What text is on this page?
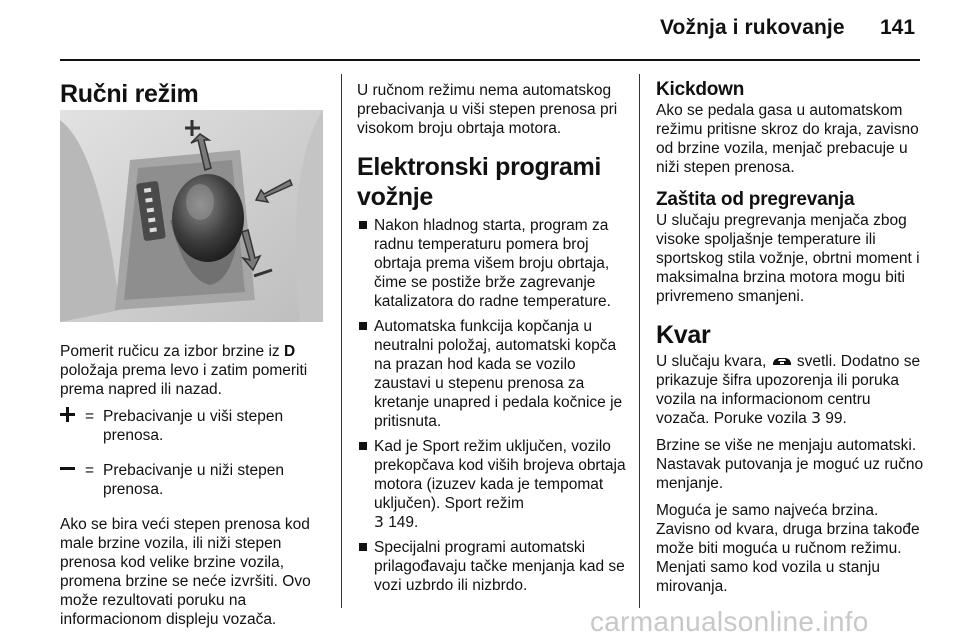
Vožnja i rukovanje 141
Ručni režim

Pomerit ručicu za izbor brzine iz D položaja prema levo i zatim pomeriti prema napred ili nazad.

= Prebacivanje u viši stepen prenosa.
= Prebacivanje u niži stepen prenosa.

Ako se bira veći stepen prenosa kod male brzine vozila, ili niži stepen prenosa kod velike brzine vozila, promena brzine se neće izvršiti. Ovo može rezultovati poruku na informacionom displeju vozača.

U ručnom režimu nema automatskog prebacivanja u viši stepen prenosa pri visokom broju obrtaja motora.

Elektronski programi vožnje
Nakon hladnog starta, program za radnu temperaturu pomera broj obrtaja prema višem broju obrtaja, čime se postiže brže zagrevanje katalizatora do radne temperature.
Automatska funkcija kopčanja u neutralni položaj, automatski kopča na prazan hod kada se vozilo zaustavi u stepenu prenosa za kretanje unapred i pedala kočnice je pritisnuta.
Kad je Sport režim uključen, vozilo prekopčava kod viših brojeva obrtaja motora (izuzev kada je tempomat uključen). Sport režim
3 149.
Specijalni programi automatski prilagođavaju tačke menjanja kad se vozi uzbrdo ili nizbrdo.
Kickdown

Ako se pedala gasa u automatskom režimu pritisne skroz do kraja, zavisno od brzine vozila, menjač prebacuje u niži stepen prenosa.

Zaštita od pregrevanja

U slučaju pregrevanja menjača zbog visoke spoljašnje temperature ili sportskog stila vožnje, obrtni moment i maksimalna brzina motora mogu biti privremeno smanjeni.

Kvar

U slučaju kvara,  svetli. Dodatno se prikazuje šifra upozorenja ili poruka vozila na informacionom centru vozača. Poruke vozila 3 99.

Brzine se više ne menjaju automatski. Nastavak putovanja je moguć uz ručno menjanje.

Moguća je samo najveća brzina. Zavisno od kvara, druga brzina takođe može biti moguća u ručnom režimu. Menjati samo kod vozila u stanju mirovanja.

carmanualsonline.info
